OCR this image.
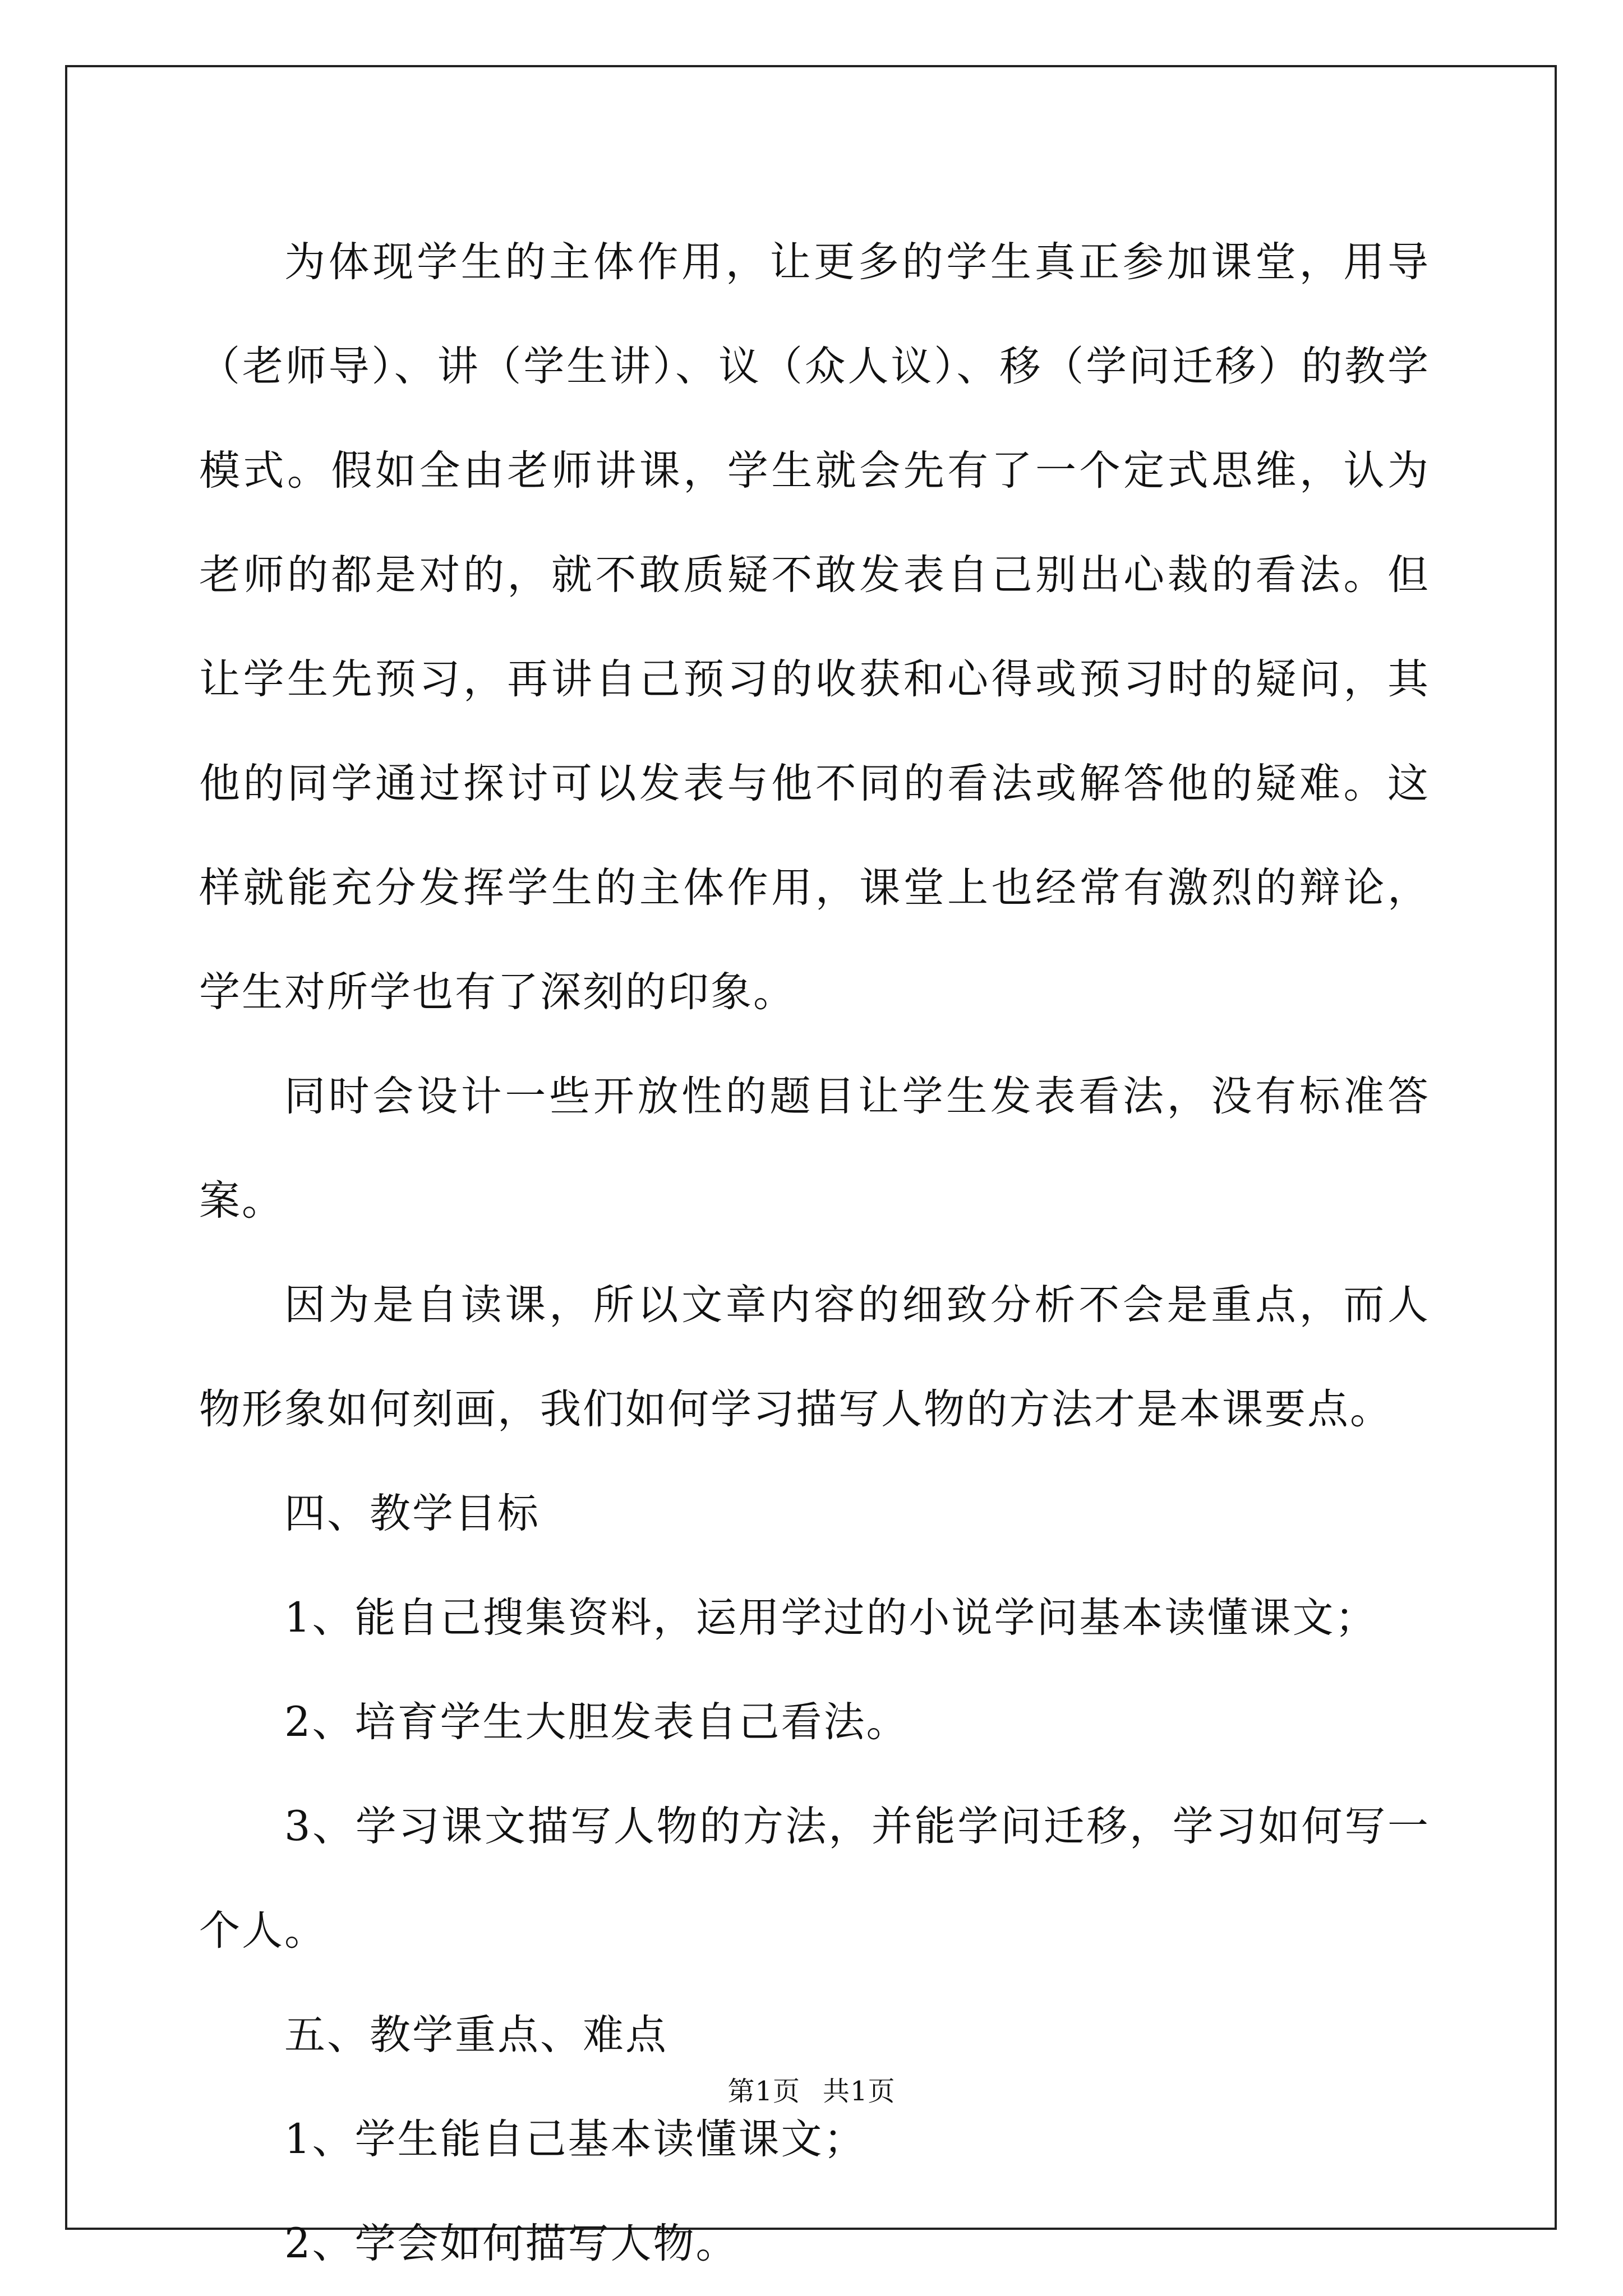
为体现学生的主体作用，让更多的学生真正参加课堂，用导（老师导）、讲（学生讲）、议（众人议）、移（学问迁移）的教学模式。假如全由老师讲课，学生就会先有了一个定式思维，认为老师的都是对的，就不敢质疑不敢发表自己别出心裁的看法。但让学生先预习，再讲自己预习的收获和心得或预习时的疑问，其他的同学通过探讨可以发表与他不同的看法或解答他的疑难。这样就能充分发挥学生的主体作用，课堂上也经常有激烈的辩论，学生对所学也有了深刻的印象。

同时会设计一些开放性的题目让学生发表看法，没有标准答案。

因为是自读课，所以文章内容的细致分析不会是重点，而人物形象如何刻画，我们如何学习描写人物的方法才是本课要点。

四、教学目标

1、能自己搜集资料，运用学过的小说学问基本读懂课文；

2、培育学生大胆发表自己看法。

3、学习课文描写人物的方法，并能学问迁移，学习如何写一个人。

五、教学重点、难点

1、学生能自己基本读懂课文；

2、学会如何描写人物。

第1页 共1页
